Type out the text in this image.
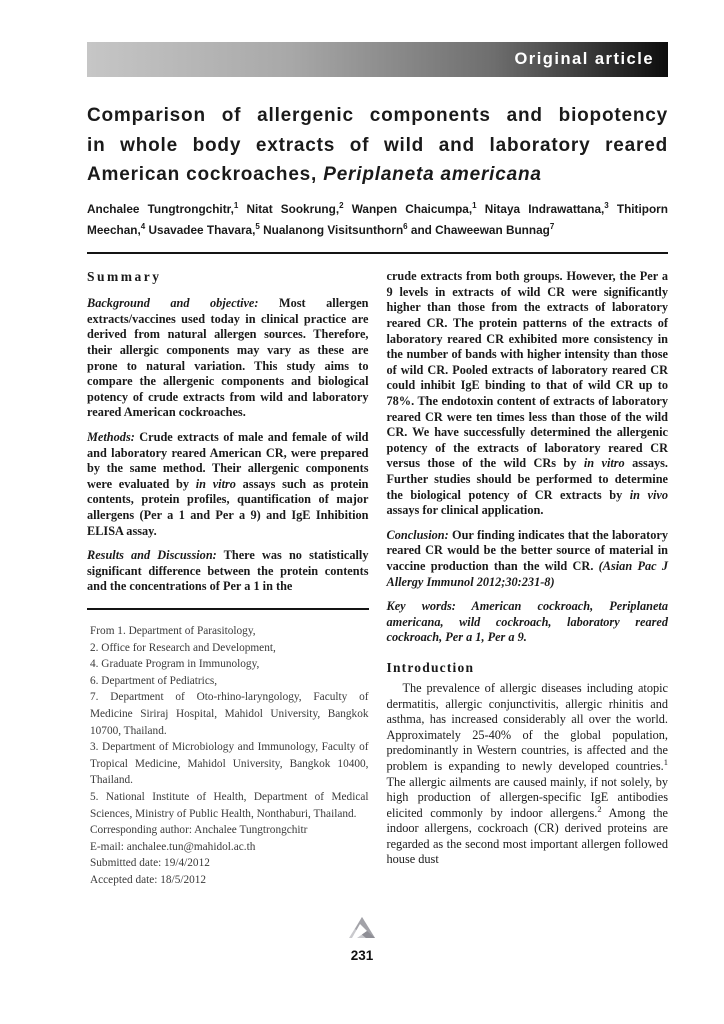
Original article
Comparison of allergenic components and biopotency
in whole body extracts of wild and laboratory reared
American cockroaches, Periplaneta americana

Anchalee Tungtrongchitr,$^1$ Nitat Sookrung,$^2$ Wanpen Chaicumpa,$^1$ Nitaya Indrawattana,$^3$ Thitiporn Meechan,$^4$ Usavadee Thavara,$^5$ Nualanong Visitsunthorn$^6$ and Chaweewan Bunnag$^7$

Summary

Background and objective: Most allergen extracts/vaccines used today in clinical practice are derived from natural allergen sources. Therefore, their allergic components may vary as these are prone to natural variation. This study aims to compare the allergenic components and biological potency of crude extracts from wild and laboratory reared American cockroaches.

Methods: Crude extracts of male and female of wild and laboratory reared American CR, were prepared by the same method. Their allergenic components were evaluated by in vitro assays such as protein contents, protein profiles, quantification of major allergens (Per a 1 and Per a 9) and IgE Inhibition ELISA assay.

Results and Discussion: There was no statistically significant difference between the protein contents and the concentrations of Per a 1 in the

From 1. Department of Parasitology,
2. Office for Research and Development,
4. Graduate Program in Immunology,
6. Department of Pediatrics,
7. Department of Oto-rhino-laryngology, Faculty of Medicine Siriraj Hospital, Mahidol University, Bangkok 10700, Thailand.
3. Department of Microbiology and Immunology, Faculty of Tropical Medicine, Mahidol University, Bangkok 10400, Thailand.
5. National Institute of Health, Department of Medical Sciences, Ministry of Public Health, Nonthaburi, Thailand.
Corresponding author: Anchalee Tungtrongchitr
E-mail: anchalee.tun@mahidol.ac.th
Submitted date: 19/4/2012
Accepted date: 18/5/2012

crude extracts from both groups. However, the Per a 9 levels in extracts of wild CR were significantly higher than those from the extracts of laboratory reared CR. The protein patterns of the extracts of laboratory reared CR exhibited more consistency in the number of bands with higher intensity than those of wild CR. Pooled extracts of laboratory reared CR could inhibit IgE binding to that of wild CR up to 78%. The endotoxin content of extracts of laboratory reared CR were ten times less than those of the wild CR. We have successfully determined the allergenic potency of the extracts of laboratory reared CR versus those of the wild CRs by in vitro assays. Further studies should be performed to determine the biological potency of CR extracts by in vivo assays for clinical application.

Conclusion: Our finding indicates that the laboratory reared CR would be the better source of material in vaccine production than the wild CR. (Asian Pac J Allergy Immunol 2012;30:231-8)

Key words: American cockroach, Periplaneta americana, wild cockroach, laboratory reared cockroach, Per a 1, Per a 9.

Introduction

The prevalence of allergic diseases including atopic dermatitis, allergic conjunctivitis, allergic rhinitis and asthma, has increased considerably all over the world. Approximately 25-40% of the global population, predominantly in Western countries, is affected and the problem is expanding to newly developed countries.$^1$ The allergic ailments are caused mainly, if not solely, by high production of allergen-specific IgE antibodies elicited commonly by indoor allergens.$^2$ Among the indoor allergens, cockroach (CR) derived proteins are regarded as the second most important allergen followed house dust

231
